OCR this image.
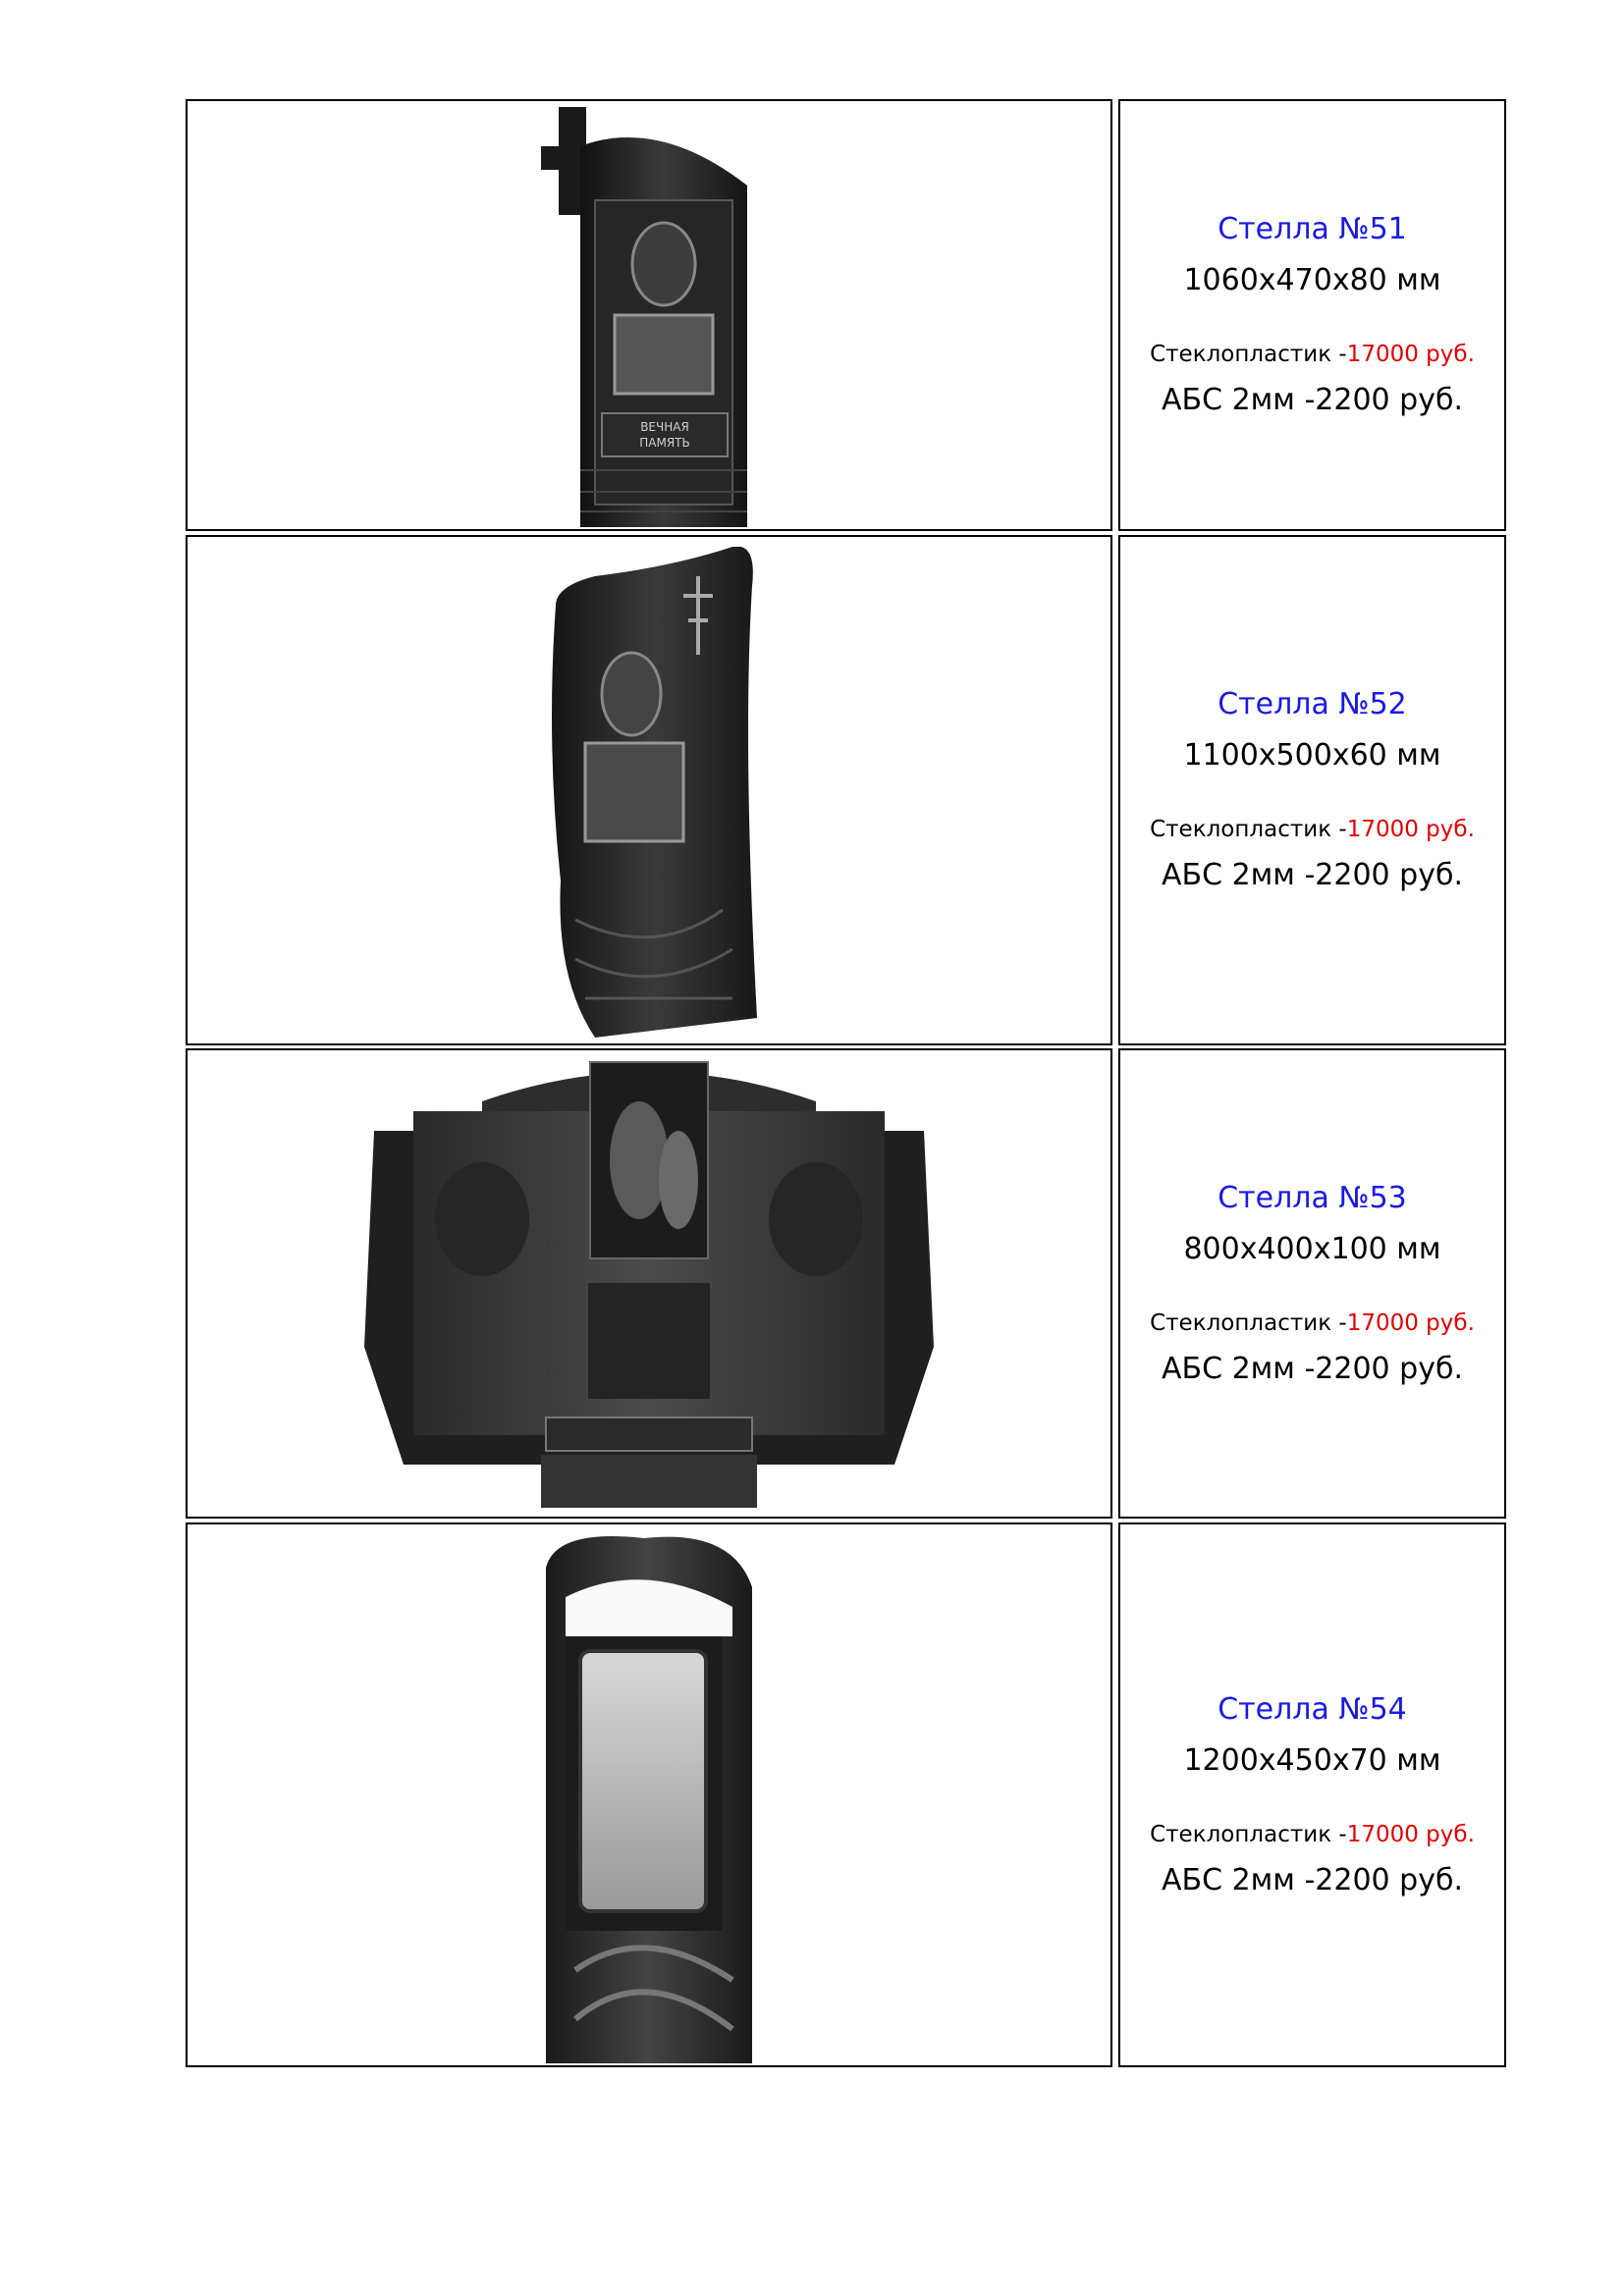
ВЕЧНАЯ
ПАМЯТЬ
Стелла №51
1060х470х80 мм
Стеклопластик -17000 руб.
АБС 2мм -2200 руб.
Стелла №52
1100х500х60 мм
Стеклопластик -17000 руб.
АБС 2мм -2200 руб.
Стелла №53
800х400х100 мм
Стеклопластик -17000 руб.
АБС 2мм -2200 руб.
Стелла №54
1200х450х70 мм
Стеклопластик -17000 руб.
АБС 2мм -2200 руб.
